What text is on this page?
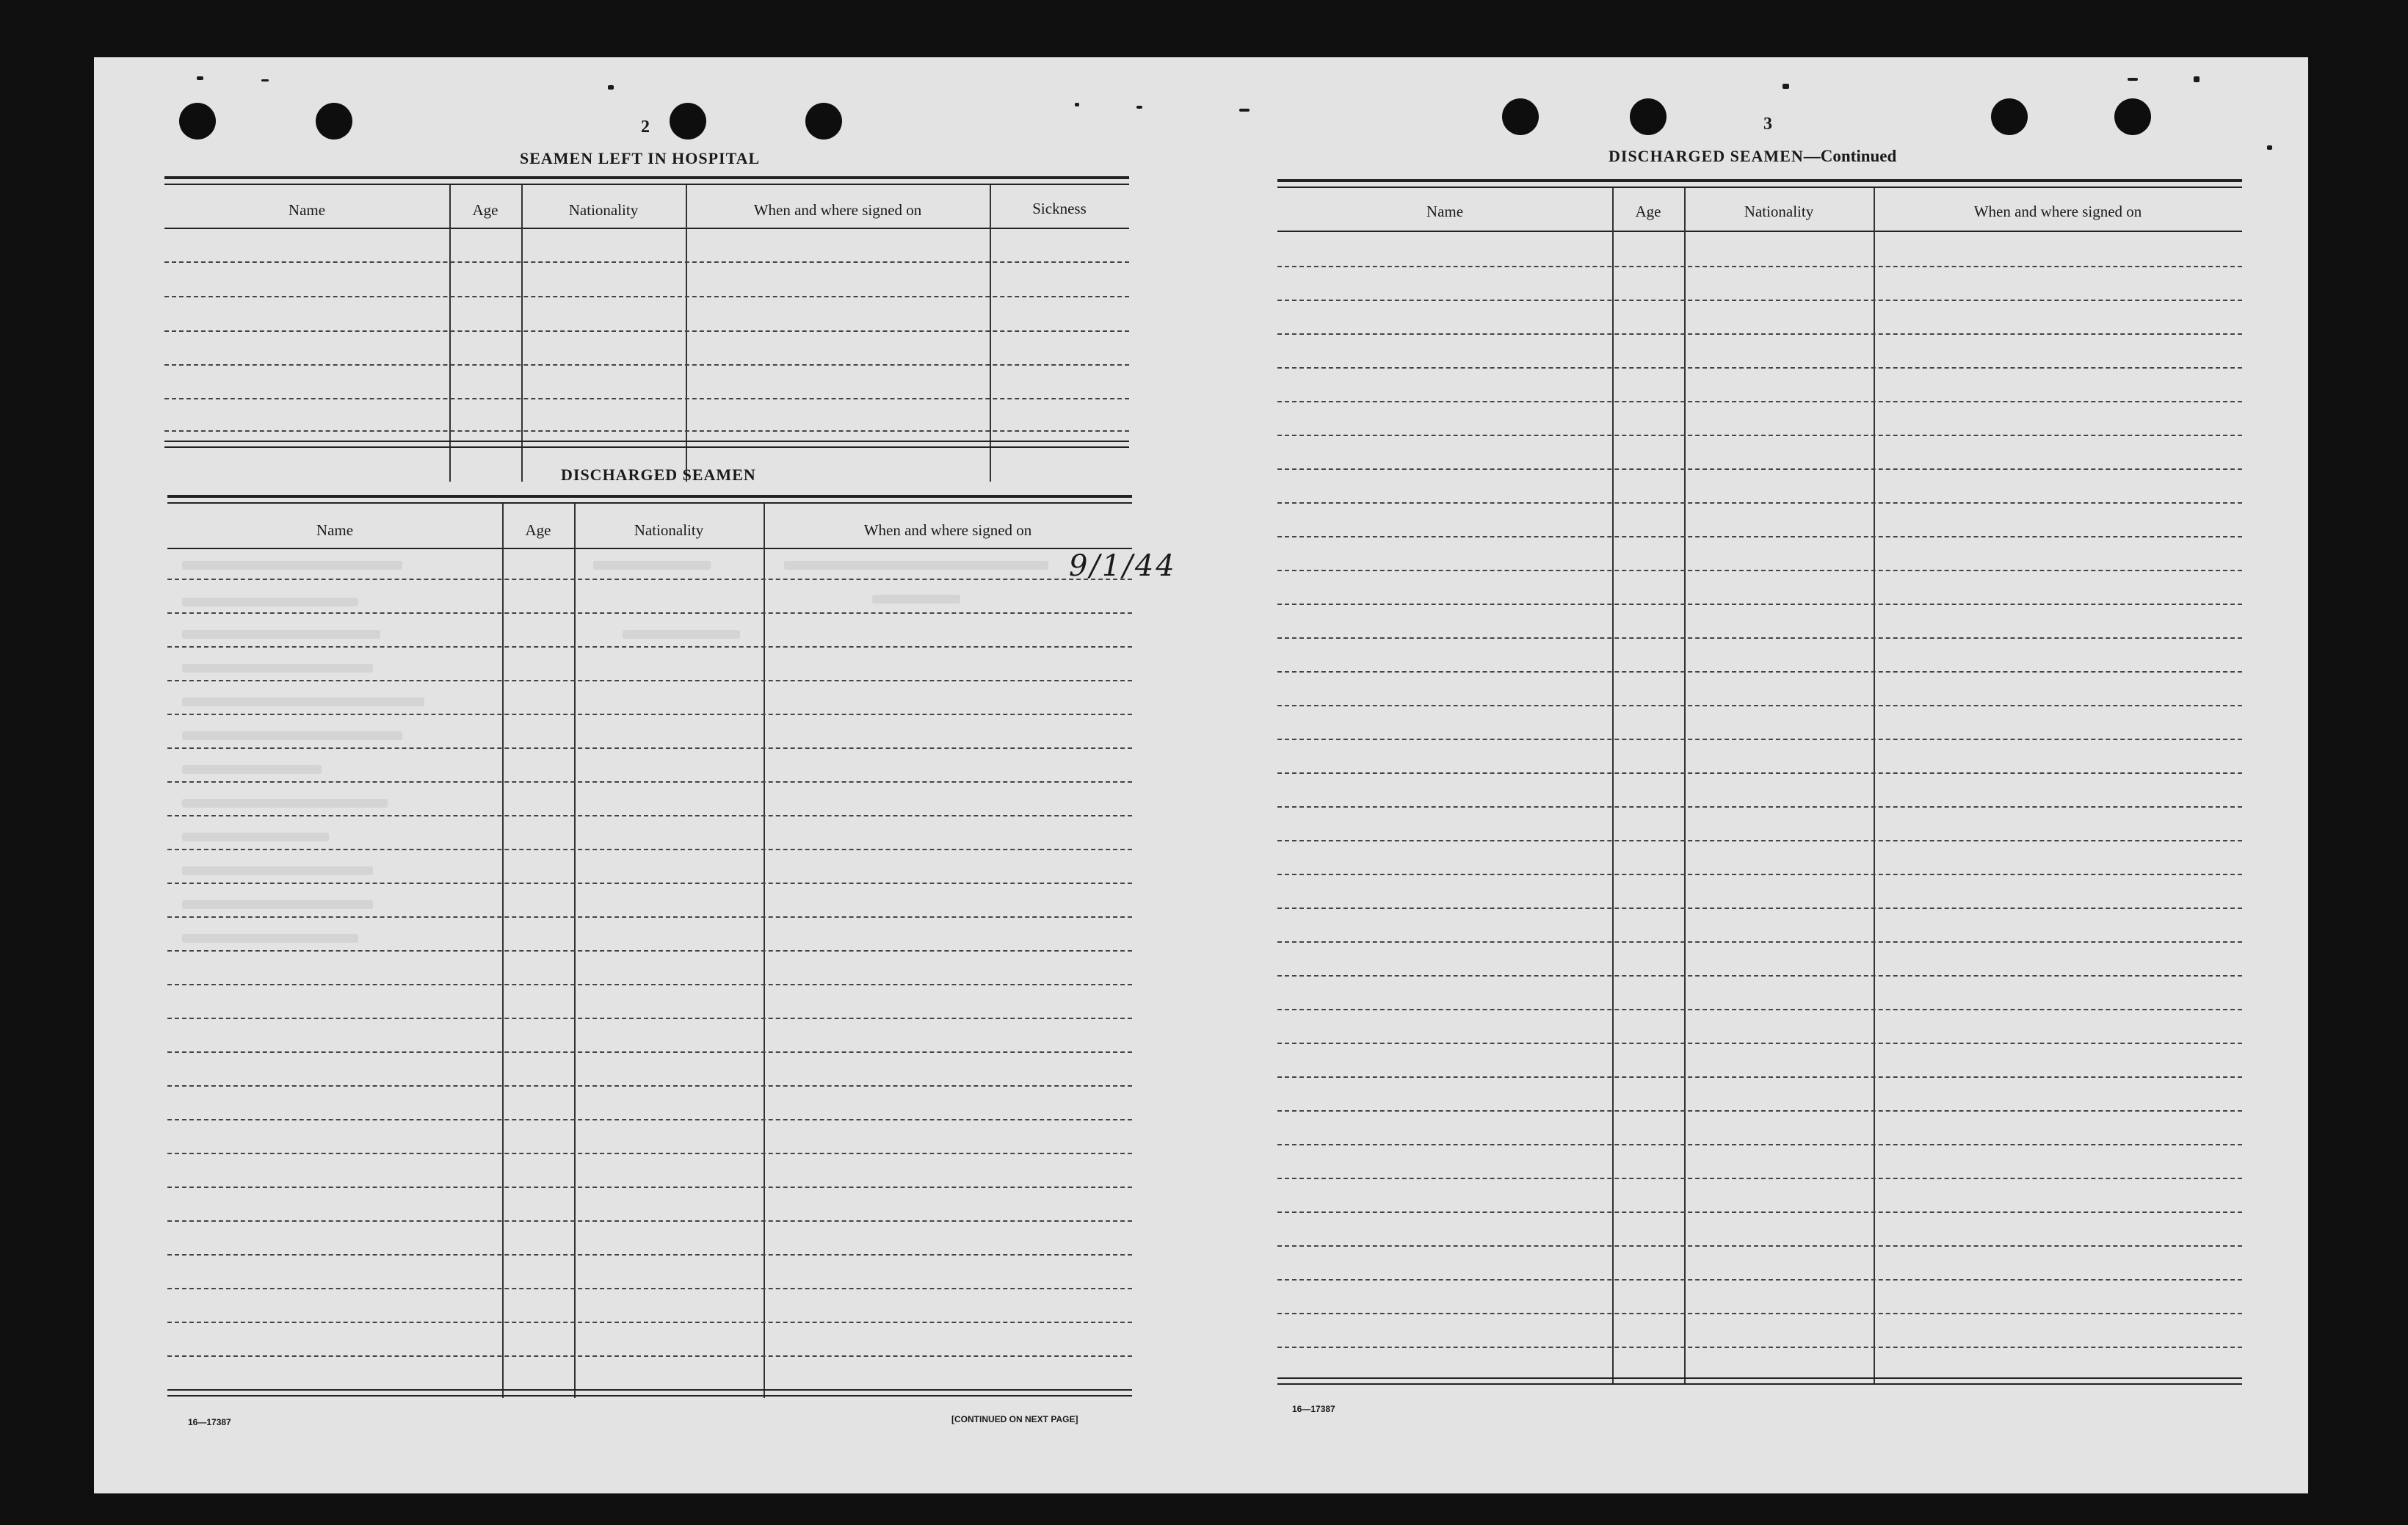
2
SEAMEN LEFT IN HOSPITAL
Name	Age	Nationality	When and where signed on	Sickness
DISCHARGED SEAMEN
Name	Age	Nationality	When and where signed on
9/1/44
16—17387	[CONTINUED ON NEXT PAGE]
3
DISCHARGED SEAMEN—Continued
Name	Age	Nationality	When and where signed on
16—17387
